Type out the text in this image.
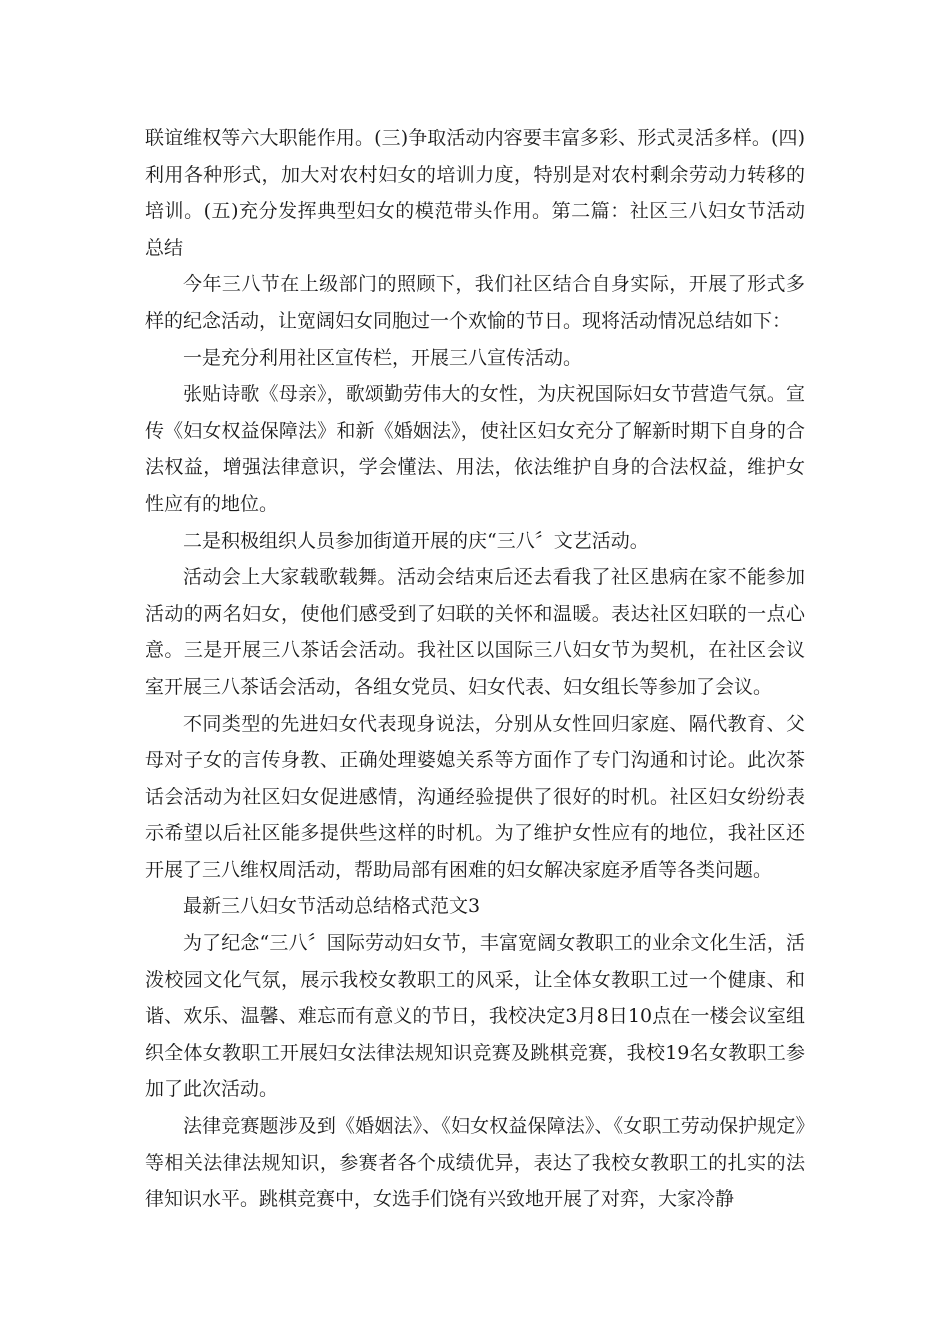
联谊维权等六大职能作用。(三)争取活动内容要丰富多彩、形式灵活多样。(四)利用各种形式，加大对农村妇女的培训力度，特别是对农村剩余劳动力转移的培训。(五)充分发挥典型妇女的模范带头作用。第二篇：社区三八妇女节活动总结

今年三八节在上级部门的照顾下，我们社区结合自身实际，开展了形式多样的纪念活动，让宽阔妇女同胞过一个欢愉的节日。现将活动情况总结如下：

一是充分利用社区宣传栏，开展三八宣传活动。

张贴诗歌《母亲》，歌颂勤劳伟大的女性，为庆祝国际妇女节营造气氛。宣传《妇女权益保障法》和新《婚姻法》，使社区妇女充分了解新时期下自身的合法权益，增强法律意识，学会懂法、用法，依法维护自身的合法权益，维护女性应有的地位。

二是积极组织人员参加街道开展的庆“三八〞文艺活动。

活动会上大家载歌载舞。活动会结束后还去看我了社区患病在家不能参加活动的两名妇女，使他们感受到了妇联的关怀和温暖。表达社区妇联的一点心意。三是开展三八茶话会活动。我社区以国际三八妇女节为契机，在社区会议室开展三八茶话会活动，各组女党员、妇女代表、妇女组长等参加了会议。

不同类型的先进妇女代表现身说法，分别从女性回归家庭、隔代教育、父母对子女的言传身教、正确处理婆媳关系等方面作了专门沟通和讨论。此次茶话会活动为社区妇女促进感情，沟通经验提供了很好的时机。社区妇女纷纷表示希望以后社区能多提供些这样的时机。为了维护女性应有的地位，我社区还开展了三八维权周活动，帮助局部有困难的妇女解决家庭矛盾等各类问题。

最新三八妇女节活动总结格式范文3

为了纪念“三八〞国际劳动妇女节，丰富宽阔女教职工的业余文化生活，活泼校园文化气氛，展示我校女教职工的风采，让全体女教职工过一个健康、和谐、欢乐、温馨、难忘而有意义的节日，我校决定3月8日10点在一楼会议室组织全体女教职工开展妇女法律法规知识竞赛及跳棋竞赛，我校19名女教职工参加了此次活动。

法律竞赛题涉及到《婚姻法》、《妇女权益保障法》、《女职工劳动保护规定》等相关法律法规知识，参赛者各个成绩优异，表达了我校女教职工的扎实的法律知识水平。跳棋竞赛中，女选手们饶有兴致地开展了对弈，大家冷静
